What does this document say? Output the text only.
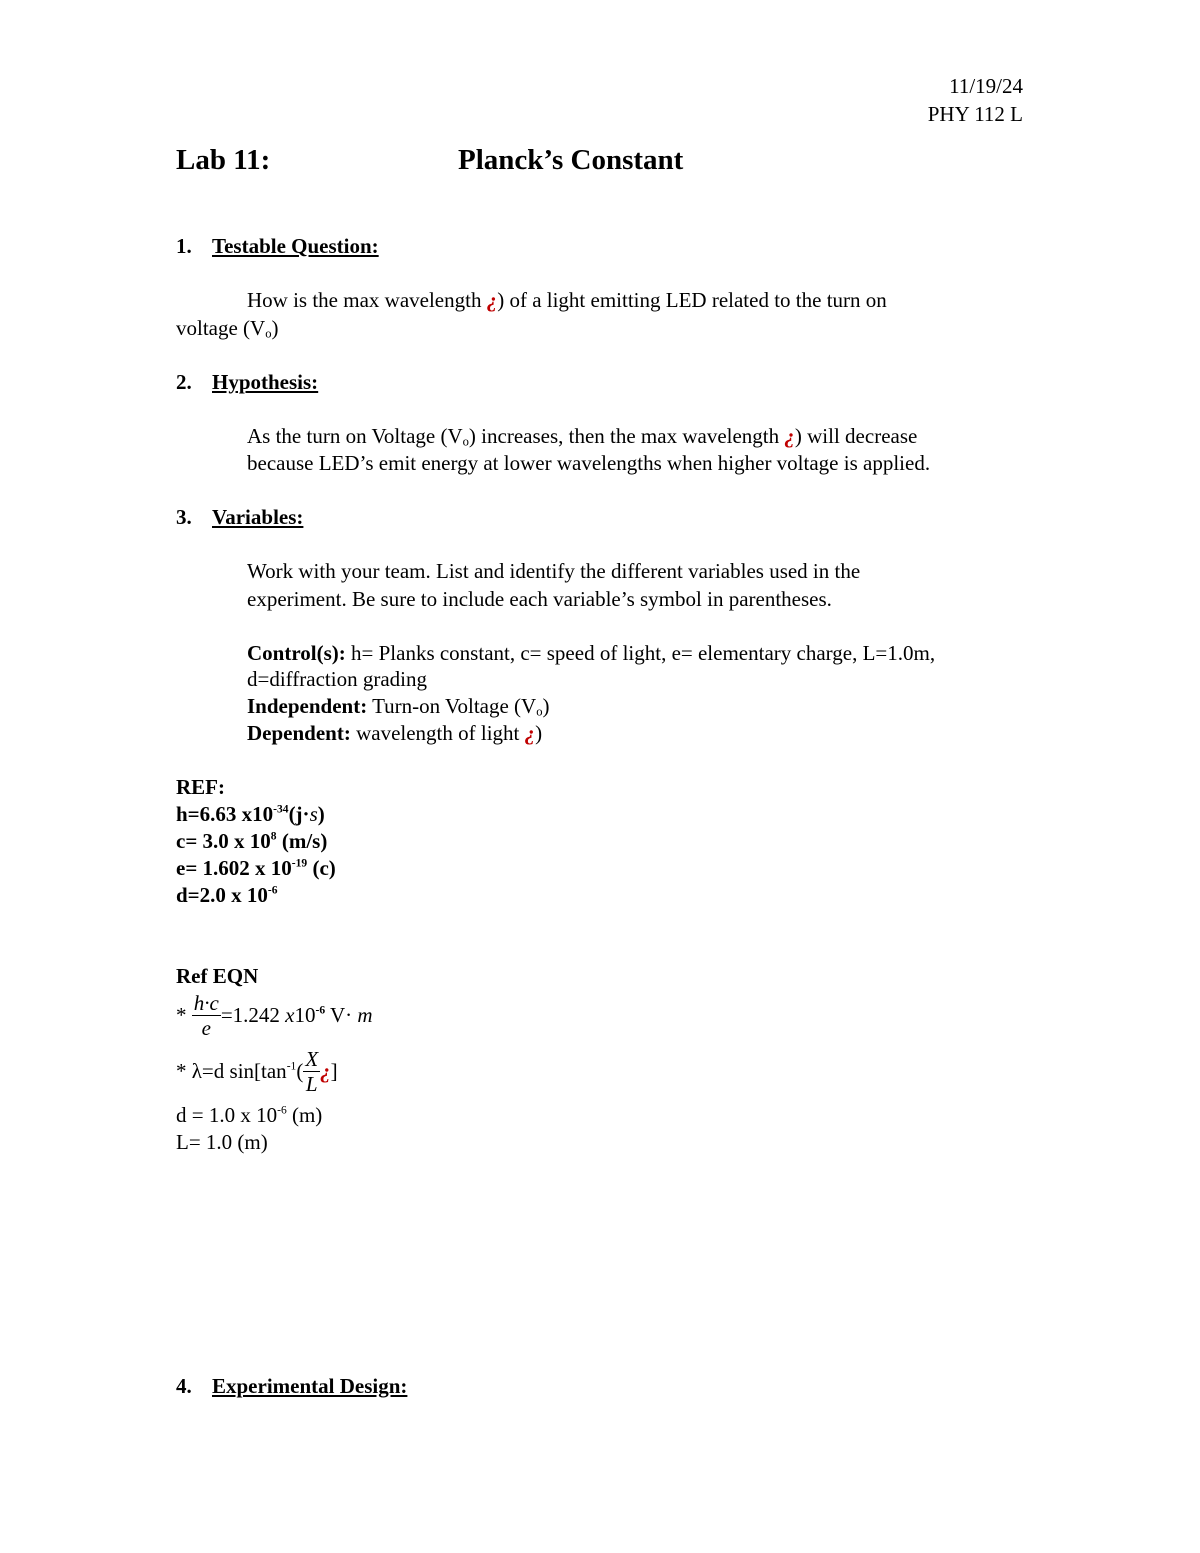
11/19/24
PHY 112 L
Lab 11:	Planck’s Constant
1. Testable Question:
How is the max wavelength ¿) of a light emitting LED related to the turn on
voltage $(V_o)$
2. Hypothesis:
As the turn on Voltage $(V_o)$ increases, then the max wavelength ¿) will decrease
because LED’s emit energy at lower wavelengths when higher voltage is applied.
3. Variables:
Work with your team. List and identify the different variables used in the
experiment. Be sure to include each variable’s symbol in parentheses.
Control(s): h= Planks constant, c= speed of light, e= elementary charge, L=1.0m,
d=diffraction grading
Independent: Turn-on Voltage $(V_o)$
Dependent: wavelength of light ¿)
REF:
h=6.63 $x10^{-34}(j\cdot s)$
c= 3.0 x $10^8$ (m/s)
e= 1.602 x $10^{-19}$ (c)
d=2.0 x $10^{-6}$
Ref EQN
* $\frac{h\cdot c}{e} =1.242$ $x10^{-6}$ V· m
* λ=d $\sin[\tan^{-1}( \frac{X}{L}$ ¿]
d = 1.0 x $10^{-6}$ (m)
L= 1.0 (m)
4. Experimental Design:
